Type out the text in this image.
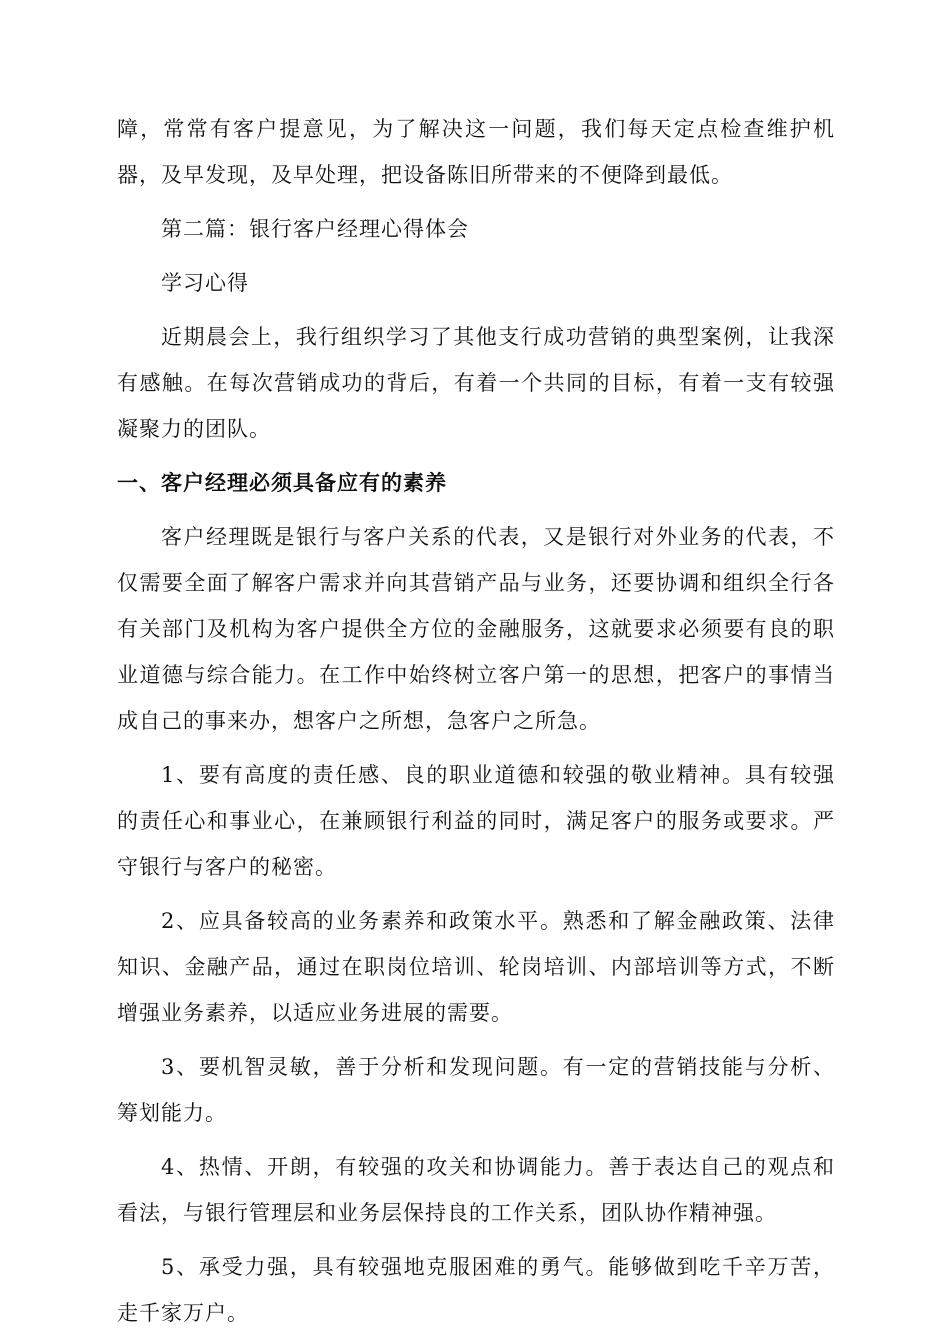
障，常常有客户提意见，为了解决这一问题，我们每天定点检查维护机器，及早发现，及早处理，把设备陈旧所带来的不便降到最低。

第二篇：银行客户经理心得体会

学习心得

近期晨会上，我行组织学习了其他支行成功营销的典型案例，让我深有感触。在每次营销成功的背后，有着一个共同的目标，有着一支有较强凝聚力的团队。

一、客户经理必须具备应有的素养

客户经理既是银行与客户关系的代表，又是银行对外业务的代表，不仅需要全面了解客户需求并向其营销产品与业务，还要协调和组织全行各有关部门及机构为客户提供全方位的金融服务，这就要求必须要有良的职业道德与综合能力。在工作中始终树立客户第一的思想，把客户的事情当成自己的事来办，想客户之所想，急客户之所急。

1、要有高度的责任感、良的职业道德和较强的敬业精神。具有较强的责任心和事业心，在兼顾银行利益的同时，满足客户的服务或要求。严守银行与客户的秘密。

2、应具备较高的业务素养和政策水平。熟悉和了解金融政策、法律知识、金融产品，通过在职岗位培训、轮岗培训、内部培训等方式，不断增强业务素养，以适应业务进展的需要。

3、要机智灵敏，善于分析和发现问题。有一定的营销技能与分析、筹划能力。

4、热情、开朗，有较强的攻关和协调能力。善于表达自己的观点和看法，与银行管理层和业务层保持良的工作关系，团队协作精神强。

5、承受力强，具有较强地克服困难的勇气。能够做到吃千辛万苦，走千家万户。
